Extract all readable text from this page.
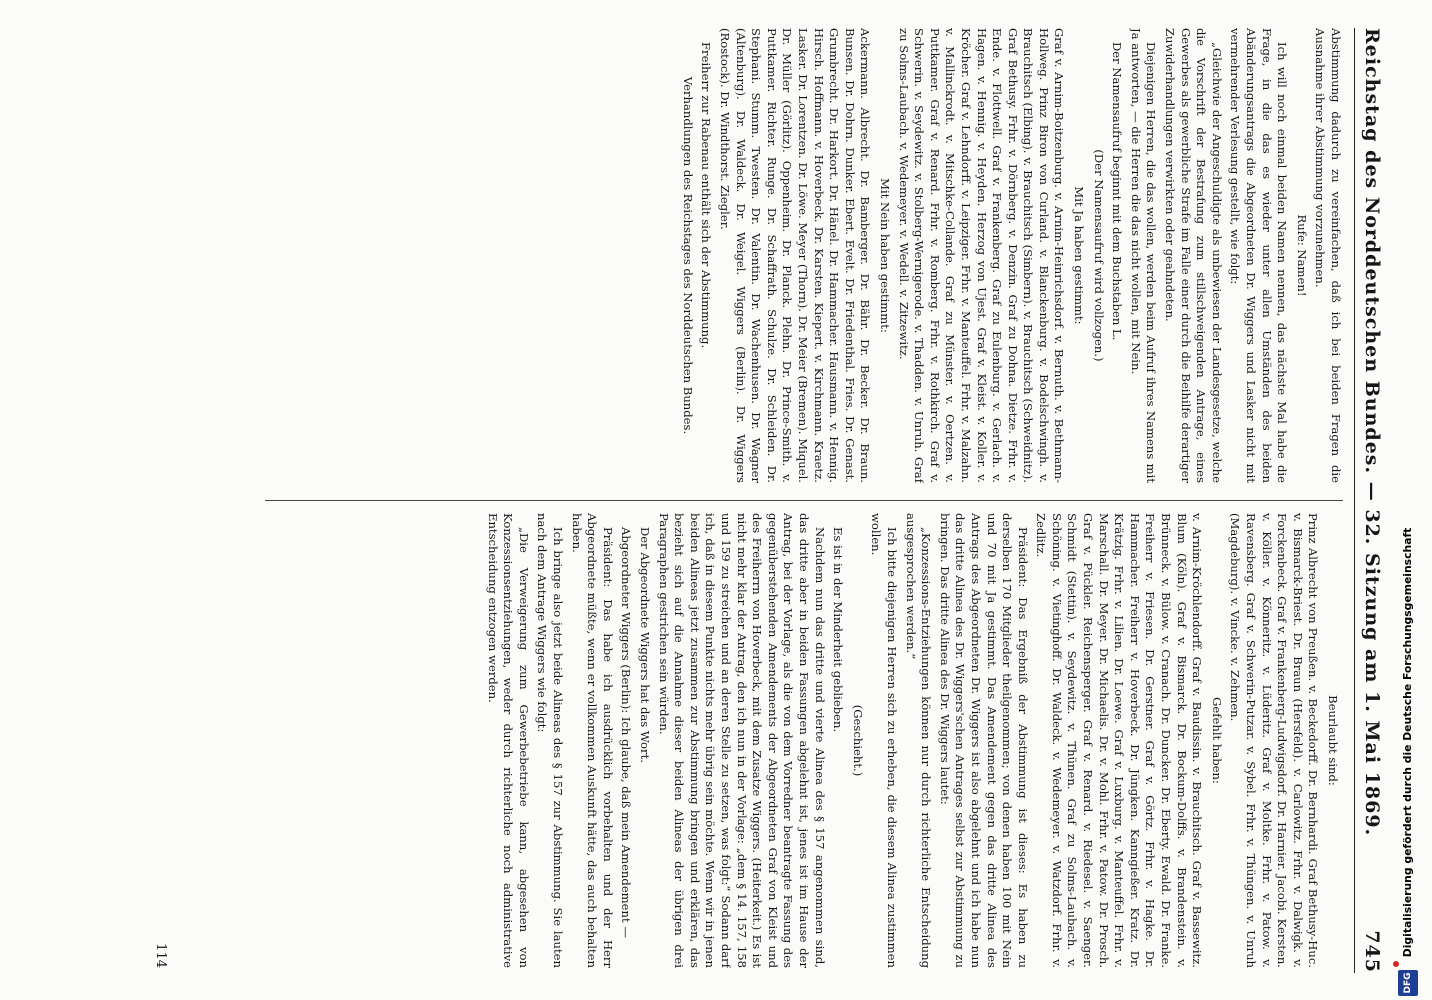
Reichstag des Norddeutschen Bundes. — 32. Sitzung am 1. Mai 1869.
745

Abstimmung dadurch zu vereinfachen, daß ich bei beiden Fragen die Ausnahme ihrer Abstimmung vorzunehmen.

Rufe: Namen!

Ich will noch einmal beiden Namen nennen, das nächste Mal habe die Frage, in die das es wieder unter allen Umständen des beiden Abänderungsantrags die Abgeordneten Dr. Wiggers und Lasker nicht mit vermehrender Verlesung gestellt, wie folgt:

„Gleichwie der Angeschuldigte als unbewiesen der Landesgesetze, welche die Vorschrift der Bestrafung zum stillschweigenden Antrage, eines Gewerbes als gewerbliche Strafe im Falle einer durch die Beihilfe derartiger Zuwiderhandlungen verwirkten oder geahndeten.

Diejenigen Herren, die das wollen, werden beim Aufruf ihres Namens mit Ja antworten, — die Herren die das nicht wollen, mit Nein.

Der Namensaufruf beginnt mit dem Buchstaben L.

(Der Namensaufruf wird vollzogen.)

Mit Ja haben gestimmt:

Graf v. Arnim-Boitzenburg. v. Arnim-Heinrichsdorf. v. Bernuth. v. Bethmann-Hollweg. Prinz Biron von Curland. v. Blanckenburg. v. Bodelschwingh. v. Brauchitsch (Elbing). v. Brauchitsch (Simbern). v. Brauchitsch (Schweidnitz). Graf Bethusy. Frhr. v. Dörnberg. v. Denzin. Graf zu Dohna. Dietze. Frhr. v. Ende. v. Flottwell. Graf v. Frankenberg. Graf zu Eulenburg. v. Gerlach. v. Hagen. v. Hennig. v. Heyden. Herzog von Ujest. Graf v. Kleist. v. Koller. v. Kröcher. Graf v. Lehndorff. v. Leipziger. Frhr. v. Manteuffel. Frhr. v. Malzahn. v. Mallinckrodt. v. Mitschke-Collande. Graf zu Münster. v. Oertzen. v. Puttkamer. Graf v. Renard. Frhr. v. Romberg. Frhr. v. Rothkirch. Graf v. Schwerin. v. Seydewitz. v. Stolberg-Wernigerode. v. Thadden. v. Unruh. Graf zu Solms-Laubach. v. Wedemeyer. v. Wedell. v. Zitzewitz.

Mit Nein haben gestimmt:

Ackermann. Albrecht. Dr. Bamberger. Dr. Bähr. Dr. Becker. Dr. Braun. Bunsen. Dr. Dohrn. Dunker. Ebert. Evelt. Dr. Friedenthal. Fries. Dr. Genast. Grumbrecht. Dr. Harkort. Dr. Hänel. Dr. Hammacher. Hausmann. v. Hennig. Hirsch. Hoffmann. v. Hoverbeck. Dr. Karsten. Kiepert. v. Kirchmann. Kraetz. Lasker. Dr. Lorentzen. Dr. Löwe. Meyer (Thorn). Dr. Meier (Bremen). Miquel. Dr. Müller (Görlitz). Oppenheim. Dr. Planck. Plehn. Dr. Prince-Smith. v. Puttkamer. Richter. Runge. Dr. Schaffrath. Schulze. Dr. Schleiden. Dr. Stephani. Stumm. Twesten. Dr. Valentin. Dr. Wachenhusen. Dr. Wagner (Altenburg). Dr. Waldeck. Dr. Weigel. Wiggers (Berlin). Dr. Wiggers (Rostock). Dr. Windthorst. Ziegler.

Freiherr zur Rabenau enthält sich der Abstimmung.

Verhandlungen des Reichstages des Norddeutschen Bundes.

Beurlaubt sind:

Prinz Albrecht von Preußen. v. Beckedorff. Dr. Bernhardi. Graf Bethusy-Huc. v. Bismarck-Briest. Dr. Braun (Hersfeld). v. Carlowitz. Frhr. v. Dalwigk. v. Forckenbeck. Graf v. Frankenberg-Ludwigsdorf. Dr. Harnier. Jacobi. Kersten. v. Köller. v. Könneritz. v. Lüderitz. Graf v. Moltke. Frhr. v. Patow. v. Ravensberg. Graf v. Schwerin-Putzar. v. Sybel. Frhr. v. Thüngen. v. Unruh (Magdeburg). v. Vincke. v. Zehmen.

Gefehlt haben:

v. Arnim-Kröchlendorff. Graf v. Baudissin. v. Brauchitsch. Graf v. Bassewitz. Blum (Köln). Graf v. Bismarck. Dr. Bockum-Dolffs. v. Brandenstein. v. Brünneck. v. Bülow. v. Cranach. Dr. Duncker. Dr. Eberty. Ewald. Dr. Franke. Freiherr v. Friesen. Dr. Gerstner. Graf v. Görtz. Frhr. v. Hagke. Dr. Hammacher. Freiherr v. Hoverbeck. Dr. Jüngken. Kanngießer. Kratz. Dr. Krätzig. Frhr. v. Lilien. Dr. Loewe. Graf v. Luxburg. v. Manteuffel. Frhr. v. Marschall. Dr. Meyer. Dr. Michaelis. Dr. v. Mohl. Frhr. v. Patow. Dr. Prosch. Graf v. Pückler. Reichensperger. Graf v. Renard. v. Riedesel. v. Saenger. Schmidt (Stettin). v. Seydewitz. v. Thünen. Graf zu Solms-Laubach. v. Schöning. v. Vietinghoff. Dr. Waldeck. v. Wedemeyer. v. Watzdorf. Frhr. v. Zedlitz.

Präsident: Das Ergebniß der Abstimmung ist dieses: Es haben zu derselben 170 Mitglieder theilgenommen; von denen haben 100 mit Nein und 70 mit Ja gestimmt. Das Amendement gegen das dritte Alinea des Antrags des Abgeordneten Dr. Wiggers ist also abgelehnt und ich habe nun das dritte Alinea des Dr. Wiggers'schen Antrages selbst zur Abstimmung zu bringen. Das dritte Alinea des Dr. Wiggers lautet:

„Konzessions-Entziehungen können nur durch richterliche Entscheidung ausgesprochen werden.“

Ich bitte diejenigen Herren sich zu erheben, die diesem Alinea zustimmen wollen.

(Geschieht.)

Es ist in der Minderheit geblieben.

Nachdem nun das dritte und vierte Alinea des § 157 angenommen sind, das dritte aber in beiden Fassungen abgelehnt ist, jenes ist im Hause der Antrag, bei der Vorlage, als die von dem Vorredner beantragte Fassung des gegenüberstehenden Amendements der Abgeordneten Graf von Kleist und des Freiherrn von Hoverbeck, mit dem Zusatze Wiggers. (Heiterkeit.) Es ist nicht mehr klar der Antrag, den ich nun in der Vorlage: „dem § 14. 157, 158 und 159 zu streichen und an deren Stelle zu setzen, was folgt:“ Sodann darf ich, daß in diesem Punkte nichts mehr übrig sein möchte. Wenn wir in jenen beiden Alineas jetzt zusammen zur Abstimmung bringen und erklären, das bezieht sich auf die Annahme dieser beiden Alineas der übrigen drei Paragraphen gestrichen sein würden.

Der Abgeordnete Wiggers hat das Wort.

Abgeordneter Wiggers (Berlin): Ich glaube, daß mein Amendement —

Präsident: Das habe ich ausdrücklich vorbehalten und der Herr Abgeordnete müßte, wenn er vollkommen Auskunft hätte, das auch behalten haben.

Ich bringe also jetzt beide Alineas des § 157 zur Abstimmung. Sie lauten nach dem Antrage Wiggers wie folgt:

„Die Verweigerung zum Gewerbebetriebe kann, abgesehen von Konzessionsentziehungen, weder durch richterliche noch administrative Entscheidung entzogen werden.

114
DFG Digitalisierung gefördert durch die Deutsche Forschungsgemeinschaft
